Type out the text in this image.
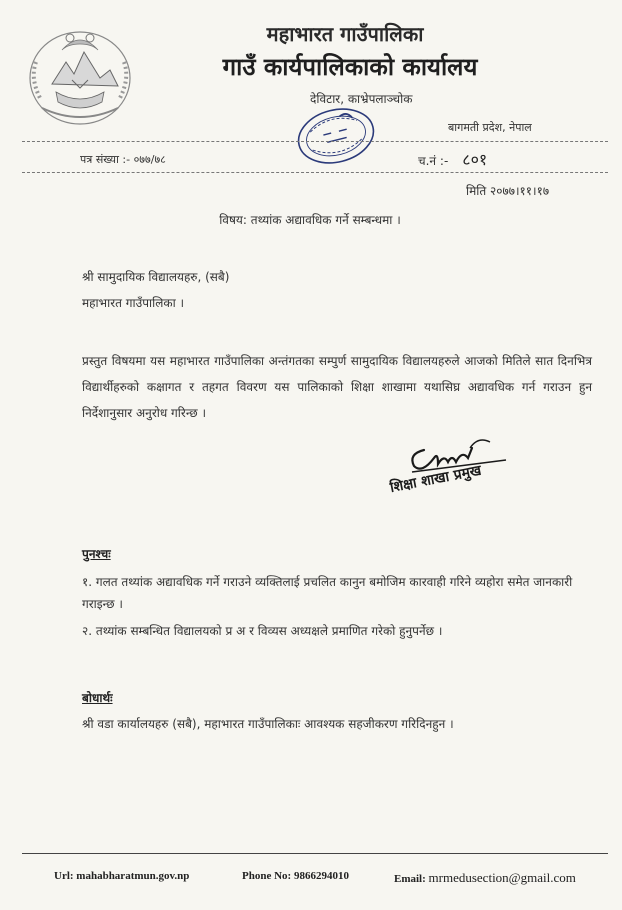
महाभारत गाउँपालिका
गाउँ कार्यपालिकाको कार्यालय
देविटार, काभ्रेपलाञ्चोक
बागमती प्रदेश, नेपाल
पत्र संख्या :- ०७७/७८	च.नं :- ८०१
मिति २०७७।११।१७
विषय: तथ्यांक अद्यावधिक गर्ने सम्बन्धमा ।
श्री सामुदायिक विद्यालयहरु, (सबै)
महाभारत गाउँपालिका ।
प्रस्तुत विषयमा यस महाभारत गाउँपालिका अन्तंगतका सम्पुर्ण सामुदायिक विद्यालयहरुले आजको मितिले सात दिनभित्र विद्यार्थीहरुको कक्षागत र तहगत विवरण यस पालिकाको शिक्षा शाखामा यथासिघ्र अद्यावधिक गर्न गराउन हुन निर्देशानुसार अनुरोध गरिन्छ ।
शिक्षा शाखा प्रमुख
पुनश्चः
१. गलत तथ्यांक अद्यावधिक गर्ने गराउने व्यक्तिलाई प्रचलित कानुन बमोजिम कारवाही गरिने व्यहोरा समेत जानकारी गराइन्छ ।
२. तथ्यांक सम्बन्धित विद्यालयको प्र अ र विव्यस अध्यक्षले प्रमाणित गरेको हुनुपर्नेछ ।
बोधार्थः
श्री वडा कार्यालयहरु (सबै), महाभारत गाउँपालिकाः आवश्यक सहजीकरण गरिदिनहुन ।
Url: mahabharatmun.gov.np	Phone No: 9866294010	Email: mrmedusection@gmail.com
